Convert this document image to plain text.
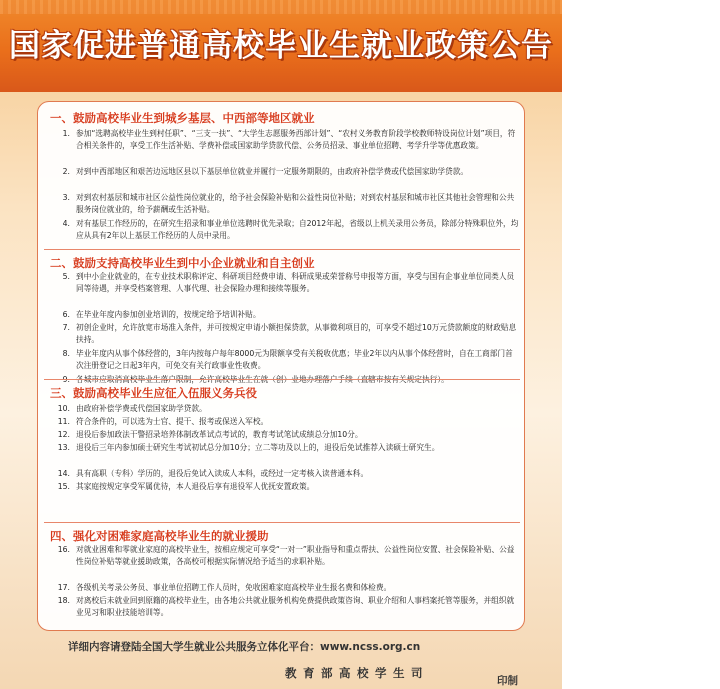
国家促进普通高校毕业生就业政策公告
一、鼓励高校毕业生到城乡基层、中西部等地区就业
1. 参加“选聘高校毕业生到村任职”、“三支一扶”、“大学生志愿服务西部计划”、“农村义务教育阶段学校教师特设岗位计划”项目，符合相关条件的，享受工作生活补贴、学费补偿或国家助学贷款代偿、公务员招录、事业单位招聘、考学升学等优惠政策。
2. 对到中西部地区和艰苦边远地区县以下基层单位就业并履行一定服务期限的，由政府补偿学费或代偿国家助学贷款。
3. 对到农村基层和城市社区公益性岗位就业的，给予社会保险补贴和公益性岗位补贴；对到农村基层和城市社区其他社会管理和公共服务岗位就业的，给予薪酬或生活补贴。
4. 对有基层工作经历的，在研究生招录和事业单位选聘时优先录取；自2012年起，省级以上机关录用公务员，除部分特殊职位外，均应从具有2年以上基层工作经历的人员中录用。
二、鼓励支持高校毕业生到中小企业就业和自主创业
5. 到中小企业就业的，在专业技术职称评定、科研项目经费申请、科研成果或荣誉称号申报等方面，享受与国有企事业单位同类人员同等待遇，并享受档案管理、人事代理、社会保险办理和接续等服务。
6. 在毕业年度内参加创业培训的，按规定给予培训补贴。
7. 初创企业时，允许放宽市场准入条件，并可按规定申请小额担保贷款，从事微利项目的，可享受不超过10万元贷款额度的财政贴息扶持。
8. 毕业年度内从事个体经营的，3年内按每户每年8000元为限额享受有关税收优惠；毕业2年以内从事个体经营时，自在工商部门首次注册登记之日起3年内，可免交有关行政事业性收费。
9. 各城市应取消高校毕业生落户限制，允许高校毕业生在就（创）业地办理落户手续（直辖市按有关规定执行）。
三、鼓励高校毕业生应征入伍服义务兵役
10. 由政府补偿学费或代偿国家助学贷款。
11. 符合条件的，可以选为士官、提干、报考或保送入军校。
12. 退役后参加政法干警招录培养体制改革试点考试的，教育考试笔试成绩总分加10分。
13. 退役后三年内参加硕士研究生考试初试总分加10分；立二等功及以上的，退役后免试推荐入读硕士研究生。
14. 具有高职（专科）学历的，退役后免试入读成人本科，或经过一定考核入读普通本科。
15. 其家庭按规定享受军属优待，本人退役后享有退役军人优抚安置政策。
四、强化对困难家庭高校毕业生的就业援助
16. 对就业困难和零就业家庭的高校毕业生，按相应规定可享受“一对一”职业指导和重点帮扶、公益性岗位安置、社会保险补贴、公益性岗位补贴等就业援助政策，各高校可根据实际情况给予适当的求职补贴。
17. 各级机关考录公务员、事业单位招聘工作人员时，免收困难家庭高校毕业生报名费和体检费。
18. 对离校后未就业回到原籍的高校毕业生，由各地公共就业服务机构免费提供政策咨询、职业介绍和人事档案托管等服务，并组织就业见习和职业技能培训等。
详细内容请登陆全国大学生就业公共服务立体化平台：www.ncss.org.cn
教育部高校学生司
印制
